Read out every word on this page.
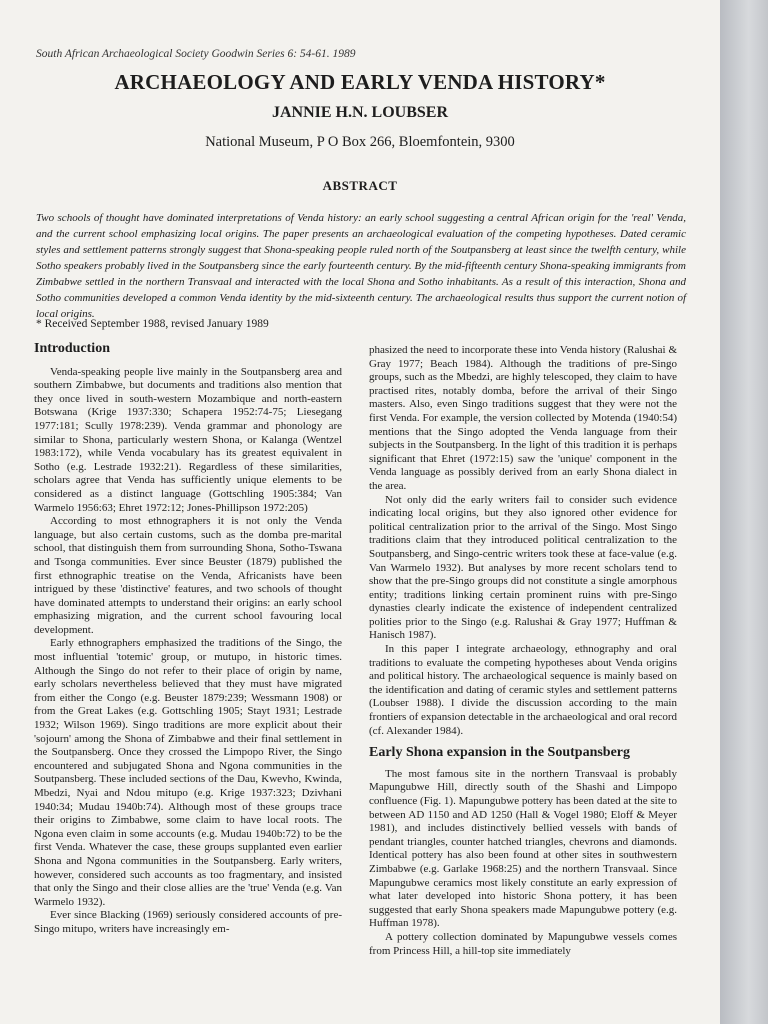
South African Archaeological Society Goodwin Series 6: 54-61. 1989
ARCHAEOLOGY AND EARLY VENDA HISTORY*
JANNIE H.N. LOUBSER
National Museum, P O Box 266, Bloemfontein, 9300
ABSTRACT

Two schools of thought have dominated interpretations of Venda history: an early school suggesting a central African origin for the 'real' Venda, and the current school emphasizing local origins. The paper presents an archaeological evaluation of the competing hypotheses. Dated ceramic styles and settlement patterns strongly suggest that Shona-speaking people ruled north of the Soutpansberg at least since the twelfth century, while Sotho speakers probably lived in the Soutpansberg since the early fourteenth century. By the mid-fifteenth century Shona-speaking immigrants from Zimbabwe settled in the northern Transvaal and interacted with the local Shona and Sotho inhabitants. As a result of this interaction, Shona and Sotho communities developed a common Venda identity by the mid-sixteenth century. The archaeological results thus support the current notion of local origins.

* Received September 1988, revised January 1989
Introduction

Venda-speaking people live mainly in the Soutpansberg area and southern Zimbabwe, but documents and traditions also mention that they once lived in south-western Mozambique and north-eastern Botswana (Krige 1937:330; Schapera 1952:74-75; Liesegang 1977:181; Scully 1978:239). Venda grammar and phonology are similar to Shona, particularly western Shona, or Kalanga (Wentzel 1983:172), while Venda vocabulary has its greatest equivalent in Sotho (e.g. Lestrade 1932:21). Regardless of these similarities, scholars agree that Venda has sufficiently unique elements to be considered as a distinct language (Gottschling 1905:384; Van Warmelo 1956:63; Ehret 1972:12; Jones-Phillipson 1972:205)

According to most ethnographers it is not only the Venda language, but also certain customs, such as the domba pre-marital school, that distinguish them from surrounding Shona, Sotho-Tswana and Tsonga communities. Ever since Beuster (1879) published the first ethnographic treatise on the Venda, Africanists have been intrigued by these 'distinctive' features, and two schools of thought have dominated attempts to understand their origins: an early school emphasizing migration, and the current school favouring local development.

Early ethnographers emphasized the traditions of the Singo, the most influential 'totemic' group, or mutupo, in historic times. Although the Singo do not refer to their place of origin by name, early scholars nevertheless believed that they must have migrated from either the Congo (e.g. Beuster 1879:239; Wessmann 1908) or from the Great Lakes (e.g. Gottschling 1905; Stayt 1931; Lestrade 1932; Wilson 1969). Singo traditions are more explicit about their 'sojourn' among the Shona of Zimbabwe and their final settlement in the Soutpansberg. Once they crossed the Limpopo River, the Singo encountered and subjugated Shona and Ngona communities in the Soutpansberg. These included sections of the Dau, Kwevho, Kwinda, Mbedzi, Nyai and Ndou mitupo (e.g. Krige 1937:323; Dzivhani 1940:34; Mudau 1940b:74). Although most of these groups trace their origins to Zimbabwe, some claim to have local roots. The Ngona even claim in some accounts (e.g. Mudau 1940b:72) to be the first Venda. Whatever the case, these groups supplanted even earlier Shona and Ngona communities in the Soutpansberg. Early writers, however, considered such accounts as too fragmentary, and insisted that only the Singo and their close allies are the 'true' Venda (e.g. Van Warmelo 1932).

Ever since Blacking (1969) seriously considered accounts of pre-Singo mitupo, writers have increasingly em-

phasized the need to incorporate these into Venda history (Ralushai & Gray 1977; Beach 1984). Although the traditions of pre-Singo groups, such as the Mbedzi, are highly telescoped, they claim to have practised rites, notably domba, before the arrival of their Singo masters. Also, even Singo traditions suggest that they were not the first Venda. For example, the version collected by Motenda (1940:54) mentions that the Singo adopted the Venda language from their subjects in the Soutpansberg. In the light of this tradition it is perhaps significant that Ehret (1972:15) saw the 'unique' component in the Venda language as possibly derived from an early Shona dialect in the area.

Not only did the early writers fail to consider such evidence indicating local origins, but they also ignored other evidence for political centralization prior to the arrival of the Singo. Most Singo traditions claim that they introduced political centralization to the Soutpansberg, and Singo-centric writers took these at face-value (e.g. Van Warmelo 1932). But analyses by more recent scholars tend to show that the pre-Singo groups did not constitute a single amorphous entity; traditions linking certain prominent ruins with pre-Singo dynasties clearly indicate the existence of independent centralized polities prior to the Singo (e.g. Ralushai & Gray 1977; Huffman & Hanisch 1987).

In this paper I integrate archaeology, ethnography and oral traditions to evaluate the competing hypotheses about Venda origins and political history. The archaeological sequence is mainly based on the identification and dating of ceramic styles and settlement patterns (Loubser 1988). I divide the discussion according to the main frontiers of expansion detectable in the archaeological and oral record (cf. Alexander 1984).

Early Shona expansion in the Soutpansberg

The most famous site in the northern Transvaal is probably Mapungubwe Hill, directly south of the Shashi and Limpopo confluence (Fig. 1). Mapungubwe pottery has been dated at the site to between AD 1150 and AD 1250 (Hall & Vogel 1980; Eloff & Meyer 1981), and includes distinctively bellied vessels with bands of pendant triangles, counter hatched triangles, chevrons and diamonds. Identical pottery has also been found at other sites in southwestern Zimbabwe (e.g. Garlake 1968:25) and the northern Transvaal. Since Mapungubwe ceramics most likely constitute an early expression of what later developed into historic Shona pottery, it has been suggested that early Shona speakers made Mapungubwe pottery (e.g. Huffman 1978).

A pottery collection dominated by Mapungubwe vessels comes from Princess Hill, a hill-top site immediately
